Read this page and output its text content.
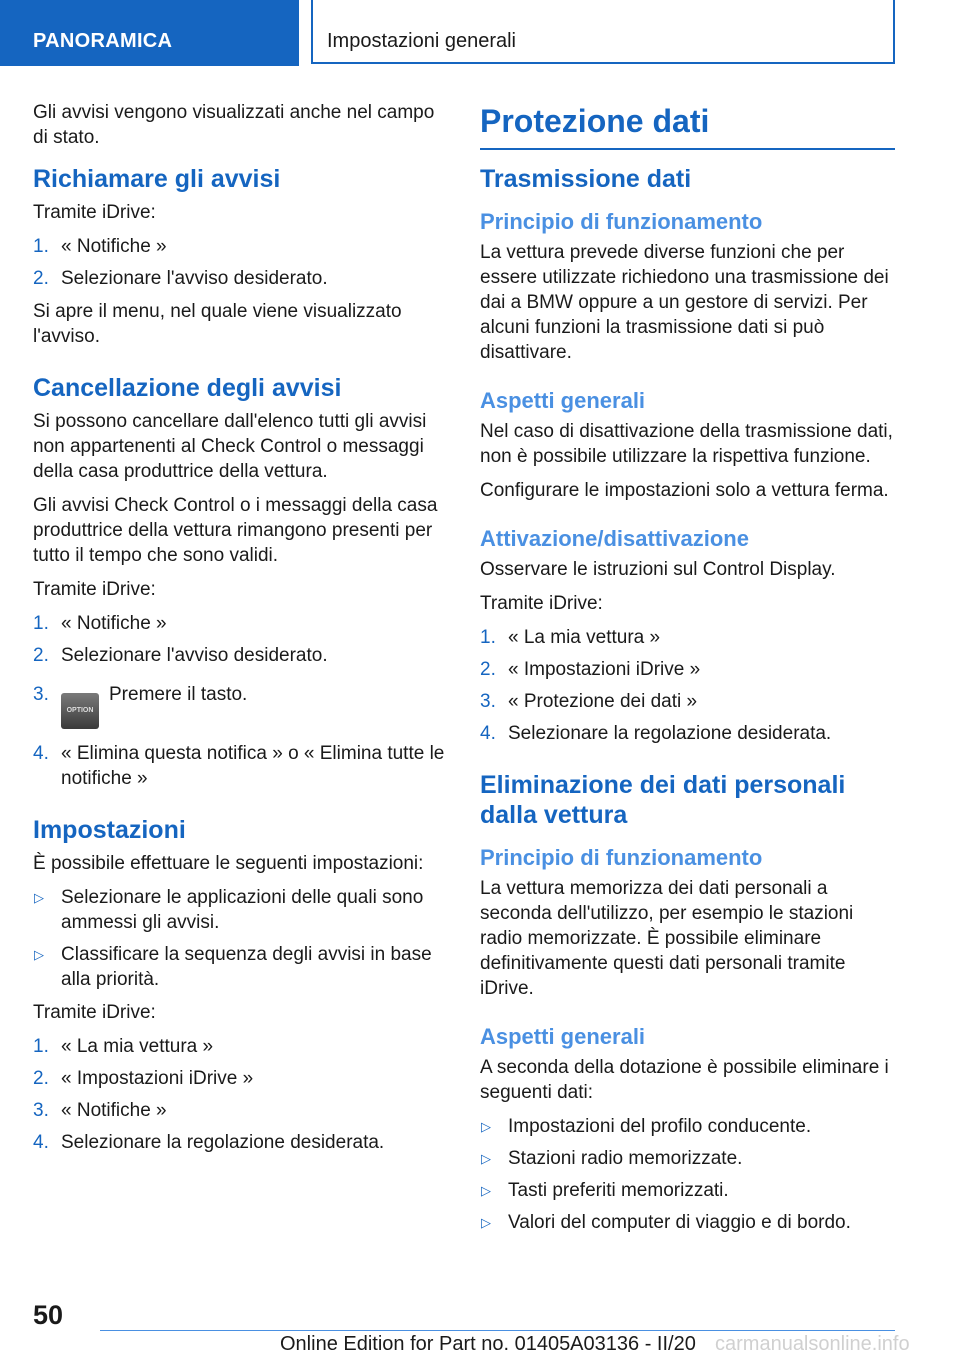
PANORAMICA	Impostazioni generali

Gli avvisi vengono visualizzati anche nel campo di stato.

Richiamare gli avvisi

Tramite iDrive:

1. « Notifiche »
2. Selezionare l'avviso desiderato.

Si apre il menu, nel quale viene visualizzato l'avviso.

Cancellazione degli avvisi

Si possono cancellare dall'elenco tutti gli avvisi non appartenenti al Check Control o messaggi della casa produttrice della vettura.

Gli avvisi Check Control o i messaggi della casa produttrice della vettura rimangono presenti per tutto il tempo che sono validi.

Tramite iDrive:

1. « Notifiche »
2. Selezionare l'avviso desiderato.
3.
OPTIONPremere il tasto.
4. « Elimina questa notifica » o « Elimina tutte le notifiche »
Impostazioni

È possibile effettuare le seguenti impostazioni:

▷ Selezionare le applicazioni delle quali sono ammessi gli avvisi.
▷ Classificare la sequenza degli avvisi in base alla priorità.

Tramite iDrive:

1. « La mia vettura »
2. « Impostazioni iDrive »
3. « Notifiche »
4. Selezionare la regolazione desiderata.
Protezione dati
Trasmissione dati
Principio di funzionamento

La vettura prevede diverse funzioni che per essere utilizzate richiedono una trasmissione dei dai a BMW oppure a un gestore di servizi. Per alcuni funzioni la trasmissione dati si può disattivare.

Aspetti generali

Nel caso di disattivazione della trasmissione dati, non è possibile utilizzare la rispettiva funzione.

Configurare le impostazioni solo a vettura ferma.

Attivazione/disattivazione

Osservare le istruzioni sul Control Display.

Tramite iDrive:

1. « La mia vettura »
2. « Impostazioni iDrive »
3. « Protezione dei dati »
4. Selezionare la regolazione desiderata.
Eliminazione dei dati personali dalla vettura
Principio di funzionamento

La vettura memorizza dei dati personali a seconda dell'utilizzo, per esempio le stazioni radio memorizzate. È possibile eliminare definitivamente questi dati personali tramite iDrive.

Aspetti generali

A seconda della dotazione è possibile eliminare i seguenti dati:

▷ Impostazioni del profilo conducente.
▷ Stazioni radio memorizzate.
▷ Tasti preferiti memorizzati.
▷ Valori del computer di viaggio e di bordo.
50
Online Edition for Part no. 01405A03136 - II/20 carmanualsonline.info
